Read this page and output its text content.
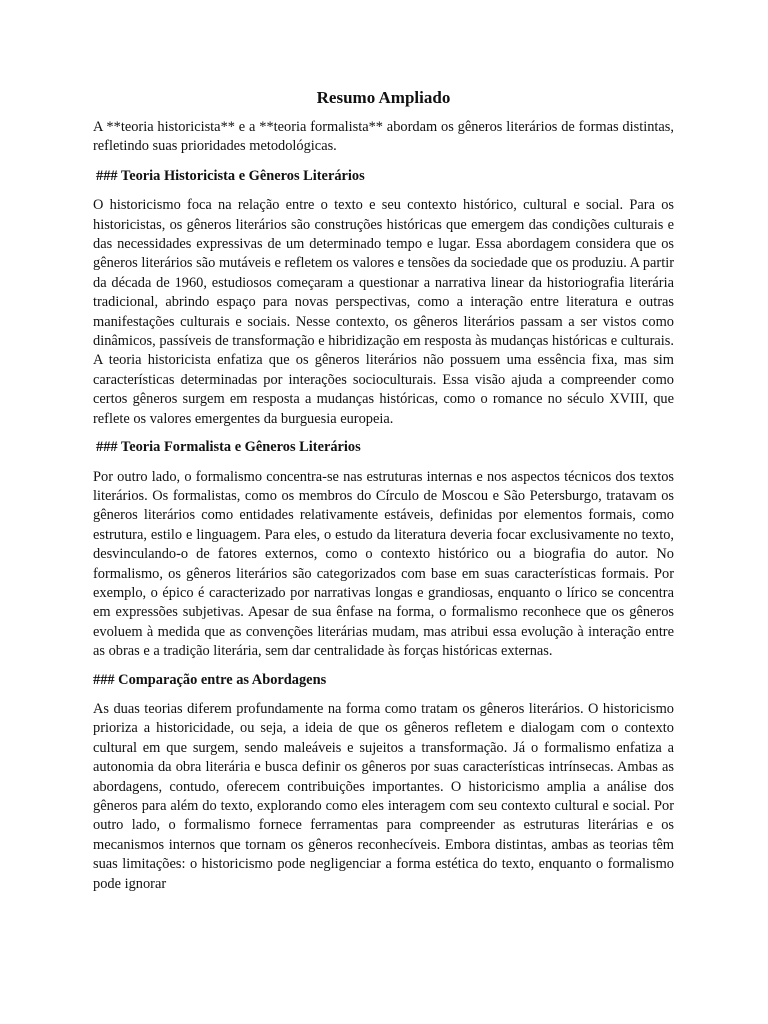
Resumo Ampliado

A **teoria historicista** e a **teoria formalista** abordam os gêneros literários de formas distintas, refletindo suas prioridades metodológicas.

### Teoria Historicista e Gêneros Literários

O historicismo foca na relação entre o texto e seu contexto histórico, cultural e social. Para os historicistas, os gêneros literários são construções históricas que emergem das condições culturais e das necessidades expressivas de um determinado tempo e lugar. Essa abordagem considera que os gêneros literários são mutáveis e refletem os valores e tensões da sociedade que os produziu. A partir da década de 1960, estudiosos começaram a questionar a narrativa linear da historiografia literária tradicional, abrindo espaço para novas perspectivas, como a interação entre literatura e outras manifestações culturais e sociais. Nesse contexto, os gêneros literários passam a ser vistos como dinâmicos, passíveis de transformação e hibridização em resposta às mudanças históricas e culturais. A teoria historicista enfatiza que os gêneros literários não possuem uma essência fixa, mas sim características determinadas por interações socioculturais. Essa visão ajuda a compreender como certos gêneros surgem em resposta a mudanças históricas, como o romance no século XVIII, que reflete os valores emergentes da burguesia europeia.

### Teoria Formalista e Gêneros Literários

Por outro lado, o formalismo concentra-se nas estruturas internas e nos aspectos técnicos dos textos literários. Os formalistas, como os membros do Círculo de Moscou e São Petersburgo, tratavam os gêneros literários como entidades relativamente estáveis, definidas por elementos formais, como estrutura, estilo e linguagem. Para eles, o estudo da literatura deveria focar exclusivamente no texto, desvinculando-o de fatores externos, como o contexto histórico ou a biografia do autor. No formalismo, os gêneros literários são categorizados com base em suas características formais. Por exemplo, o épico é caracterizado por narrativas longas e grandiosas, enquanto o lírico se concentra em expressões subjetivas. Apesar de sua ênfase na forma, o formalismo reconhece que os gêneros evoluem à medida que as convenções literárias mudam, mas atribui essa evolução à interação entre as obras e a tradição literária, sem dar centralidade às forças históricas externas.

### Comparação entre as Abordagens

As duas teorias diferem profundamente na forma como tratam os gêneros literários. O historicismo prioriza a historicidade, ou seja, a ideia de que os gêneros refletem e dialogam com o contexto cultural em que surgem, sendo maleáveis e sujeitos a transformação. Já o formalismo enfatiza a autonomia da obra literária e busca definir os gêneros por suas características intrínsecas. Ambas as abordagens, contudo, oferecem contribuições importantes. O historicismo amplia a análise dos gêneros para além do texto, explorando como eles interagem com seu contexto cultural e social. Por outro lado, o formalismo fornece ferramentas para compreender as estruturas literárias e os mecanismos internos que tornam os gêneros reconhecíveis. Embora distintas, ambas as teorias têm suas limitações: o historicismo pode negligenciar a forma estética do texto, enquanto o formalismo pode ignorar
